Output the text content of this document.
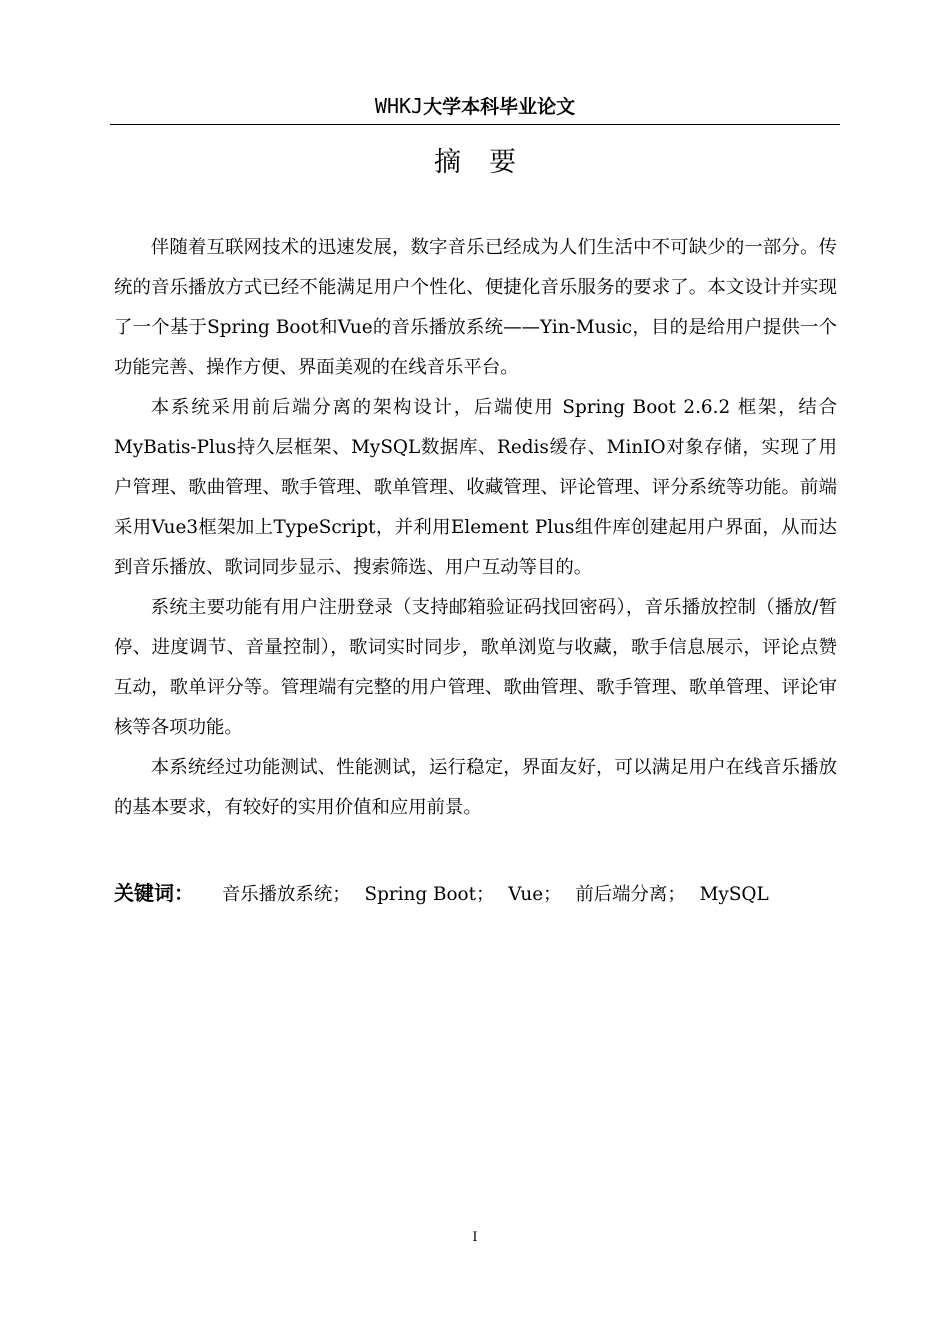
WHKJ大学本科毕业论文
摘要

伴随着互联网技术的迅速发展，数字音乐已经成为人们生活中不可缺少的一部分。传统的音乐播放方式已经不能满足用户个性化、便捷化音乐服务的要求了。本文设计并实现了一个基于Spring Boot和Vue的音乐播放系统——Yin-Music，目的是给用户提供一个功能完善、操作方便、界面美观的在线音乐平台。

本系统采用前后端分离的架构设计，后端使用 Spring Boot 2.6.2 框架，结合MyBatis-Plus持久层框架、MySQL数据库、Redis缓存、MinIO对象存储，实现了用户管理、歌曲管理、歌手管理、歌单管理、收藏管理、评论管理、评分系统等功能。前端采用Vue3框架加上TypeScript，并利用Element Plus组件库创建起用户界面，从而达到音乐播放、歌词同步显示、搜索筛选、用户互动等目的。

系统主要功能有用户注册登录（支持邮箱验证码找回密码），音乐播放控制（播放/暂停、进度调节、音量控制），歌词实时同步，歌单浏览与收藏，歌手信息展示，评论点赞互动，歌单评分等。管理端有完整的用户管理、歌曲管理、歌手管理、歌单管理、评论审核等各项功能。

本系统经过功能测试、性能测试，运行稳定，界面友好，可以满足用户在线音乐播放的基本要求，有较好的实用价值和应用前景。

关键词： 音乐播放系统； Spring Boot； Vue； 前后端分离； MySQL
I
